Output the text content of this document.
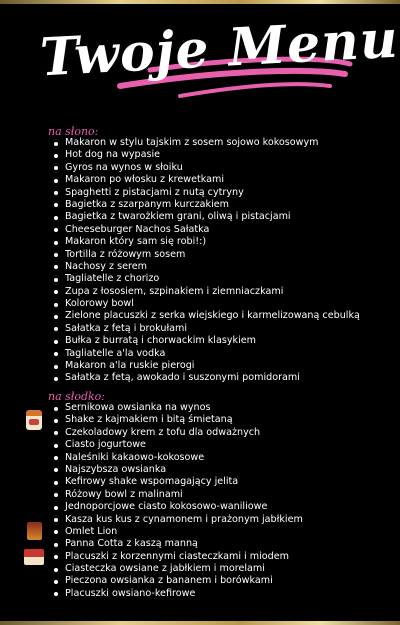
Twoje Menu
na słono:
Makaron w stylu tajskim z sosem sojowo kokosowym
Hot dog na wypasie
Gyros na wynos w słoiku
Makaron po włosku z krewetkami
Spaghetti z pistacjami z nutą cytryny
Bagietka z szarpanym kurczakiem
Bagietka z twarożkiem grani, oliwą i pistacjami
Cheeseburger Nachos Sałatka
Makaron który sam się robi!:)
Tortilla z różowym sosem
Nachosy z serem
Tagliatelle z chorizo
Zupa z łososiem, szpinakiem i ziemniaczkami
Kolorowy bowl
Zielone placuszki z serka wiejskiego i karmelizowaną cebulką
Sałatka z fetą i brokułami
Bułka z burratą i chorwackim klasykiem
Tagliatelle a'la vodka
Makaron a'la ruskie pierogi
Sałatka z fetą, awokado i suszonymi pomidorami
na słodko:
Sernikowa owsianka na wynos
Shake z kajmakiem i bitą śmietaną
Czekoladowy krem z tofu dla odważnych
Ciasto jogurtowe
Naleśniki kakaowo-kokosowe
Najszybsza owsianka
Kefirowy shake wspomagający jelita
Różowy bowl z malinami
Jednoporcjowe ciasto kokosowo-waniliowe
Kasza kus kus z cynamonem i prażonym jabłkiem
Omlet Lion
Panna Cotta z kaszą manną
Placuszki z korzennymi ciasteczkami i miodem
Ciasteczka owsiane z jabłkiem i morelami
Pieczona owsianka z bananem i borówkami
Placuszki owsiano-kefirowe
